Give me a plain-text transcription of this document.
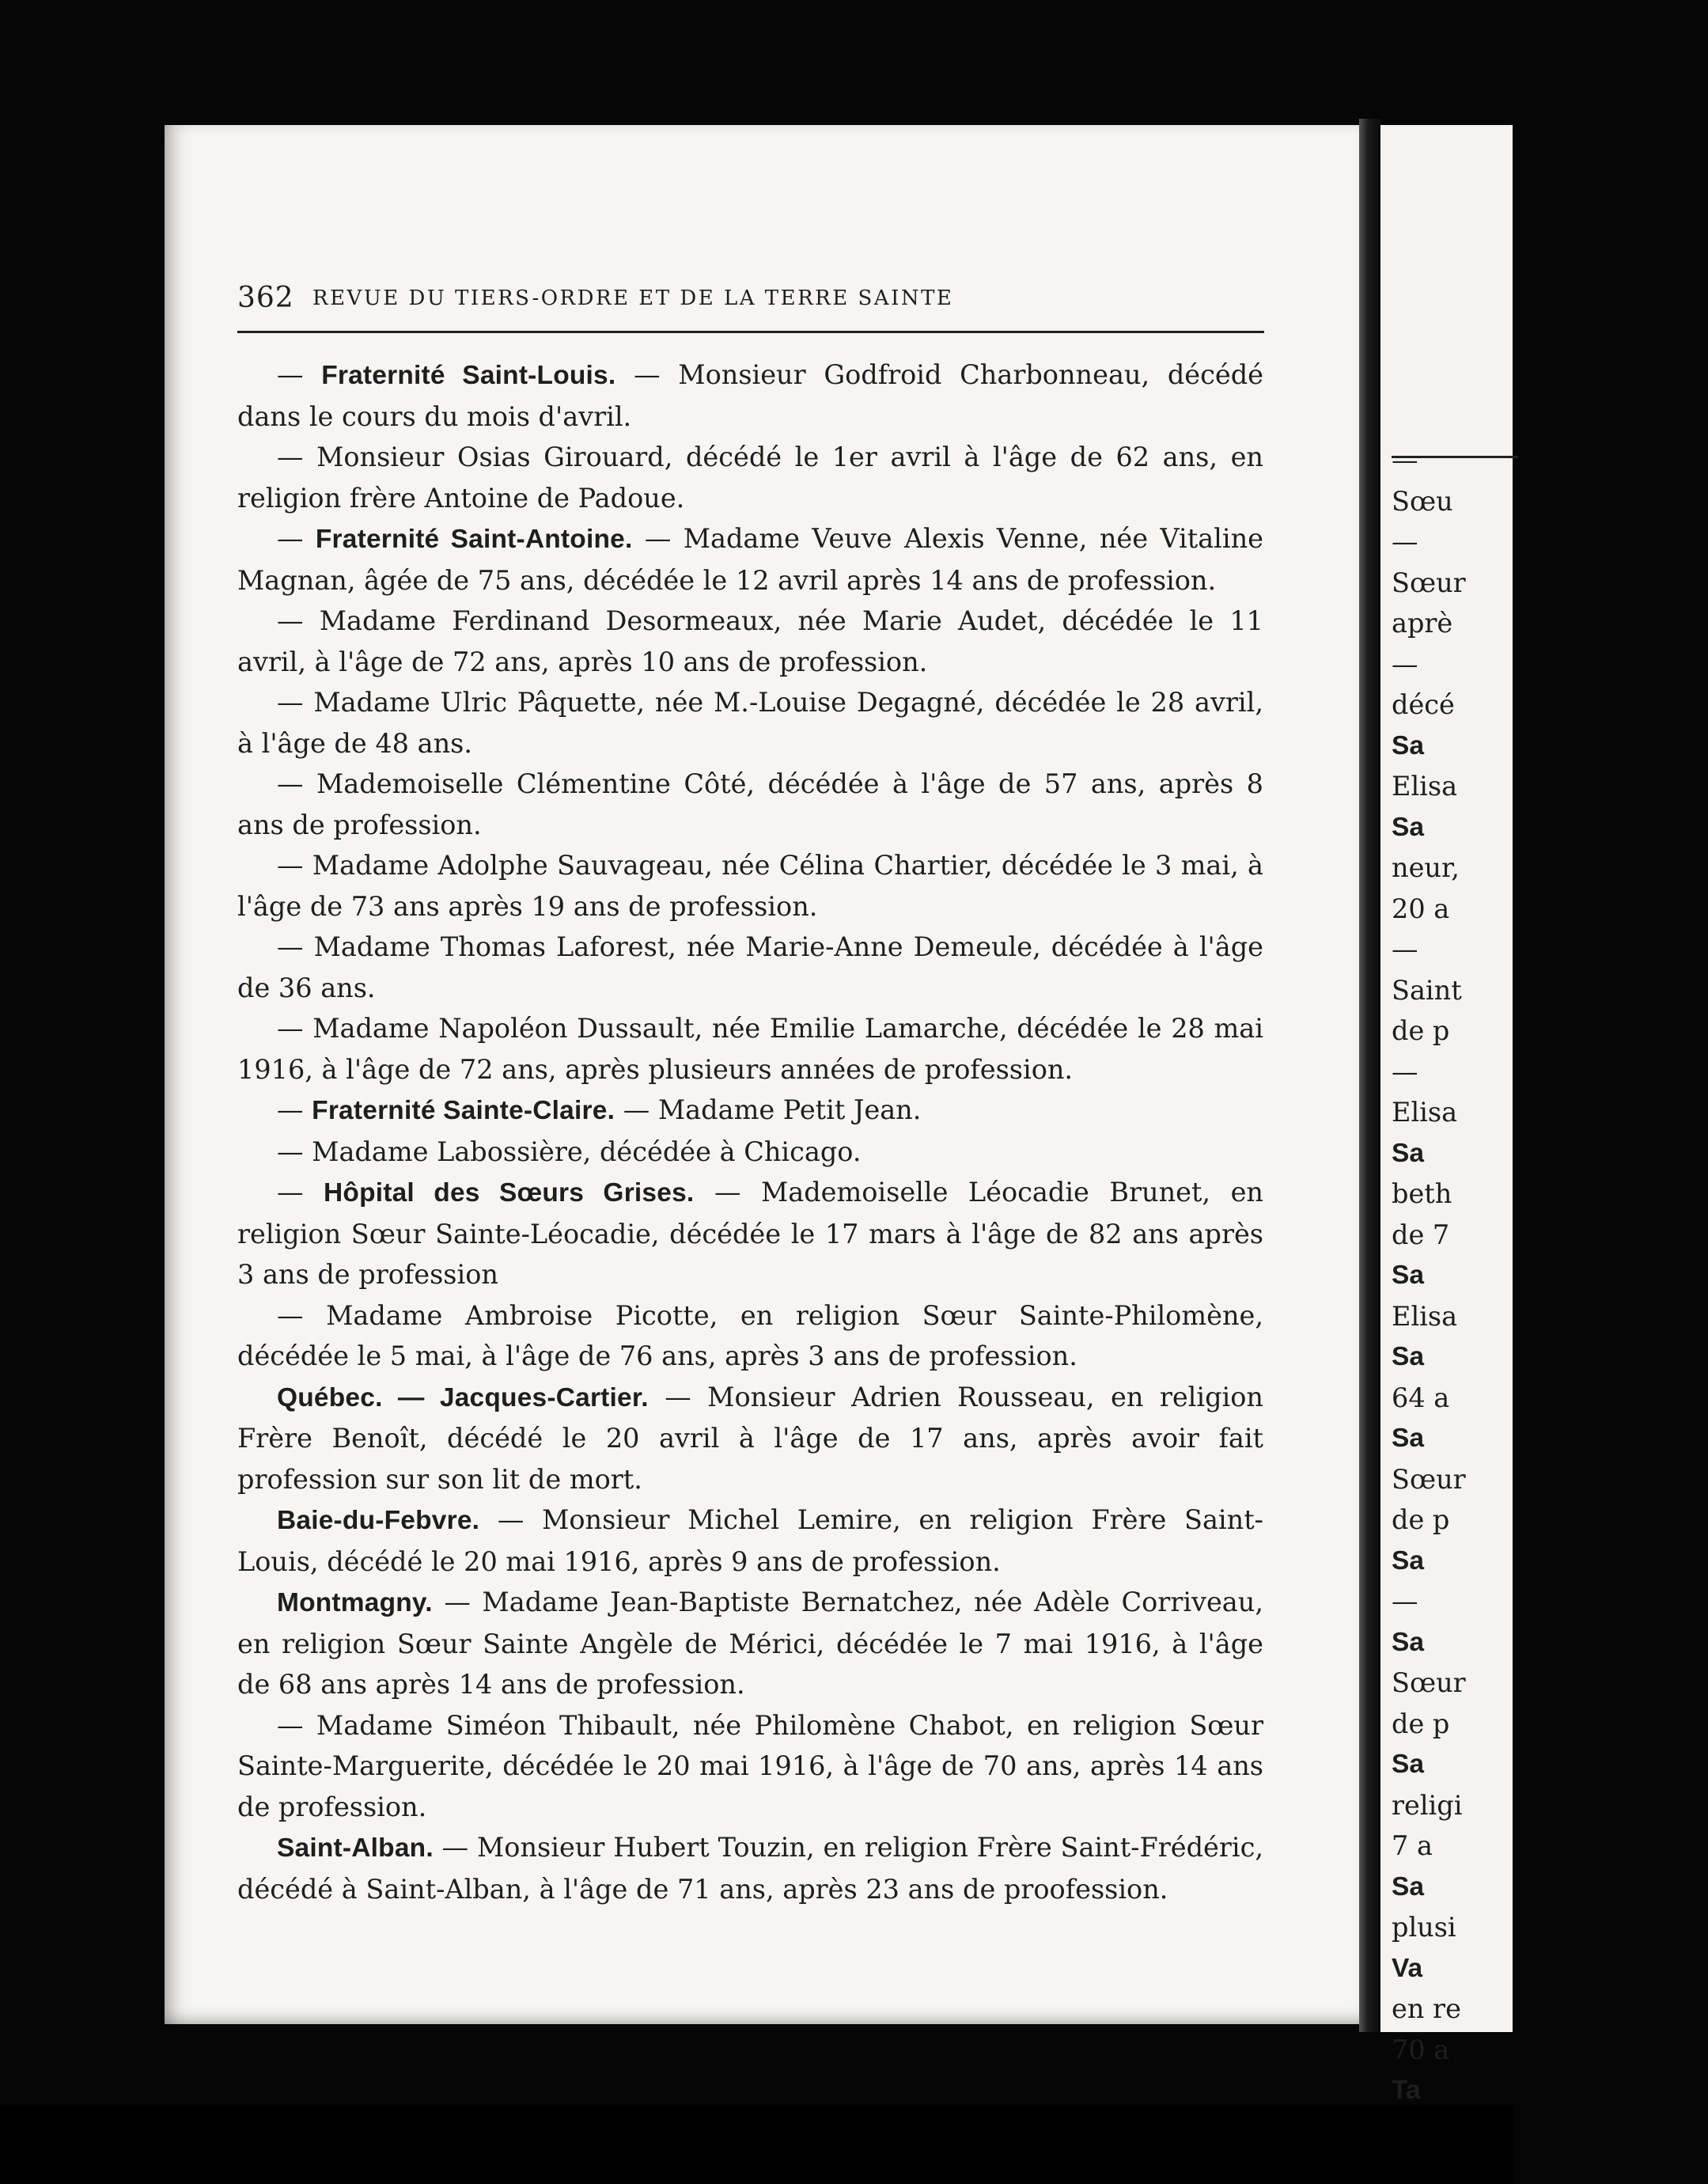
—
Sœu
—
Sœur
aprè
—
décé
Sa
Elisa
Sa
neur,
20 a
—
Saint
de p
—
Elisa
Sa
beth
de 7
Sa
Elisa
Sa
64 a
Sa
Sœur
de p
Sa
—
Sa
Sœur
de p
Sa
religi
7 a
Sa
plusi
Va
en re
70 a
Ta
362 REVUE DU TIERS-ORDRE ET DE LA TERRE SAINTE

— Fraternité Saint-Louis. — Monsieur Godfroid Charbonneau, décédé dans le cours du mois d'avril.

— Monsieur Osias Girouard, décédé le 1er avril à l'âge de 62 ans, en religion frère Antoine de Padoue.

— Fraternité Saint-Antoine. — Madame Veuve Alexis Venne, née Vitaline Magnan, âgée de 75 ans, décédée le 12 avril après 14 ans de profession.

— Madame Ferdinand Desormeaux, née Marie Audet, décédée le 11 avril, à l'âge de 72 ans, après 10 ans de profession.

— Madame Ulric Pâquette, née M.-Louise Degagné, décédée le 28 avril, à l'âge de 48 ans.

— Mademoiselle Clémentine Côté, décédée à l'âge de 57 ans, après 8 ans de profession.

— Madame Adolphe Sauvageau, née Célina Chartier, décédée le 3 mai, à l'âge de 73 ans après 19 ans de profession.

— Madame Thomas Laforest, née Marie-Anne Demeule, décédée à l'âge de 36 ans.

— Madame Napoléon Dussault, née Emilie Lamarche, décédée le 28 mai 1916, à l'âge de 72 ans, après plusieurs années de profession.

— Fraternité Sainte-Claire. — Madame Petit Jean.

— Madame Labossière, décédée à Chicago.

— Hôpital des Sœurs Grises. — Mademoiselle Léocadie Brunet, en religion Sœur Sainte-Léocadie, décédée le 17 mars à l'âge de 82 ans après 3 ans de profession

— Madame Ambroise Picotte, en religion Sœur Sainte-Philomène, décédée le 5 mai, à l'âge de 76 ans, après 3 ans de profession.

Québec. — Jacques-Cartier. — Monsieur Adrien Rousseau, en religion Frère Benoît, décédé le 20 avril à l'âge de 17 ans, après avoir fait profession sur son lit de mort.

Baie-du-Febvre. — Monsieur Michel Lemire, en religion Frère Saint-Louis, décédé le 20 mai 1916, après 9 ans de profession.

Montmagny. — Madame Jean-Baptiste Bernatchez, née Adèle Corriveau, en religion Sœur Sainte Angèle de Mérici, décédée le 7 mai 1916, à l'âge de 68 ans après 14 ans de profession.

— Madame Siméon Thibault, née Philomène Chabot, en religion Sœur Sainte-Marguerite, décédée le 20 mai 1916, à l'âge de 70 ans, après 14 ans de profession.

Saint-Alban. — Monsieur Hubert Touzin, en religion Frère Saint-Frédéric, décédé à Saint-Alban, à l'âge de 71 ans, après 23 ans de proofession.
